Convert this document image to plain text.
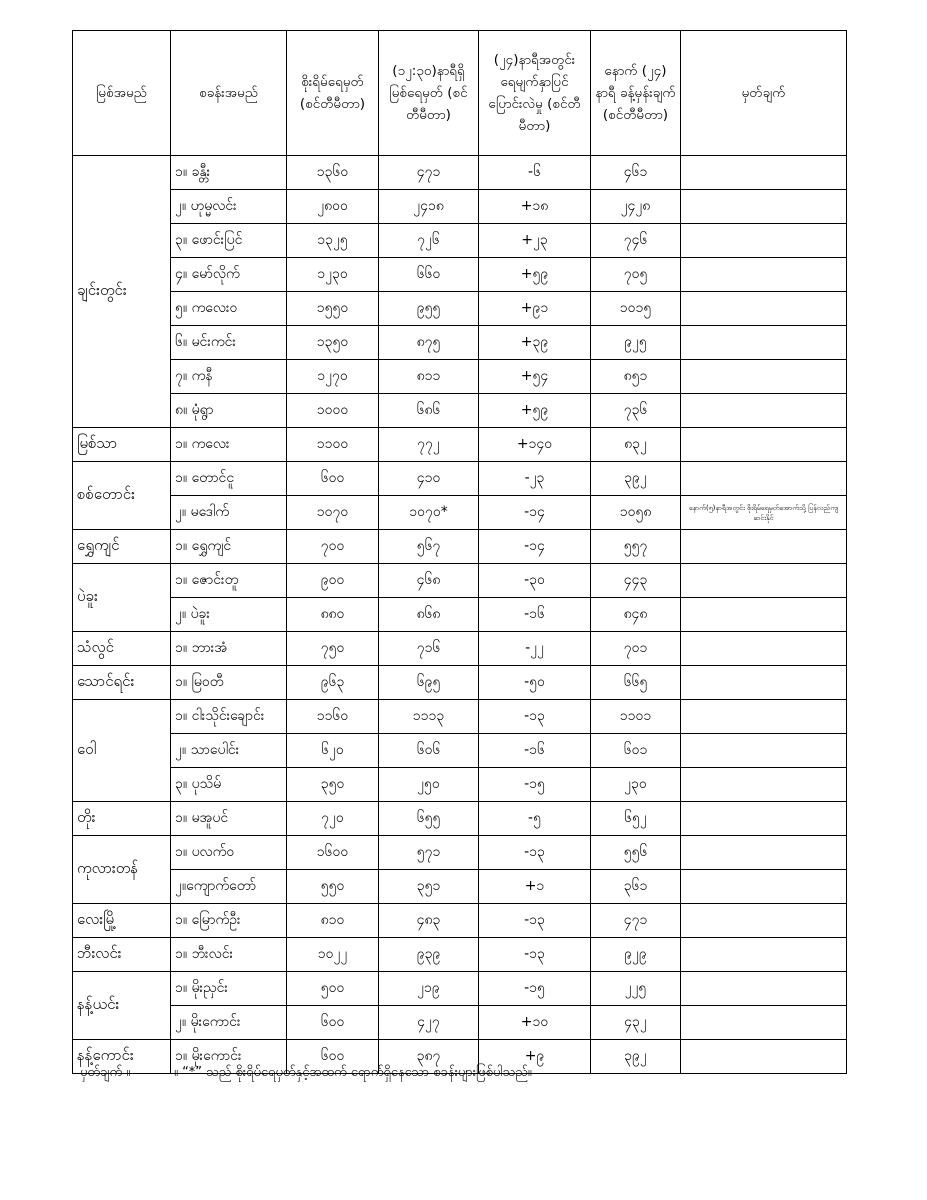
မြစ်အမည်	စခန်းအမည်	စိုးရိမ်ရေမှတ် (စင်တီမီတာ)	(၁၂:၃၀)နာရီရှိ မြစ်ရေမှတ် (စင်တီမီတာ)	(၂၄)နာရီအတွင်း ရေမျက်နှာပြင် ပြောင်းလဲမှု (စင်တီမီတာ)	နောက် (၂၄) နာရီ ခန့်မှန်းချက် (စင်တီမီတာ)	မှတ်ချက်
ချင်းတွင်း	၁။ ခန္တီး	၁၃၆၀	၄၇၁	-၆	၄၆၁	
	၂။ ဟုမ္မလင်း	၂၈၀၀	၂၄၁၈	+၁၈	၂၄၂၈	
	၃။ ဖောင်းပြင်	၁၃၂၅	၇၂၆	+၂၃	၇၄၆	
	၄။ မော်လိုက်	၁၂၃၀	၆၆၀	+၅၉	၇၀၅	
	၅။ ကလေးဝ	၁၅၅၀	၉၅၅	+၉၁	၁၀၁၅	
	၆။ မင်းကင်း	၁၃၅၀	၈၇၅	+၃၉	၉၂၅	
	၇။ ကနီ	၁၂၇၀	၈၁၁	+၅၄	၈၅၁	
	၈။ မုံရွာ	၁၀၀၀	၆၈၆	+၅၉	၇၃၆	
မြစ်သာ	၁။ ကလေး	၁၁၀၀	၇၇၂	+၁၄၀	၈၃၂	
စစ်တောင်း	၁။ တောင်ငူ	၆၀၀	၄၁၀	-၂၃	၃၉၂	
	၂။ မဒေါက်	၁၀၇၀	၁၀၇၀*	-၁၄	၁၀၅၈	နောက်(၅)နာရီအတွင်း စိုးရိမ်ရေမှတ်အောက်သို့ ပြန်လည်ကျဆင်းနိုင်
ရွှေကျင်	၁။ ရွှေကျင်	၇၀၀	၅၆၇	-၁၄	၅၅၇	
ပဲခူး	၁။ ဇောင်းတူ	၉၀၀	၄၆၈	-၃၀	၄၄၃	
	၂။ ပဲခူး	၈၈၀	၈၆၈	-၁၆	၈၄၈	
သံလွင်	၁။ ဘားအံ	၇၅၀	၇၁၆	-၂၂	၇၀၁	
သောင်ရင်း	၁။ မြဝတီ	၉၆၃	၆၉၅	-၅၀	၆၆၅	
ဝေါ	၁။ ငါးသိုင်းချောင်း	၁၁၆၀	၁၁၁၃	-၁၃	၁၁၀၁	
	၂။ သာပေါင်း	၆၂၀	၆၀၆	-၁၆	၆၀၁	
	၃။ ပုသိမ်	၃၅၀	၂၅၀	-၁၅	၂၃၀	
တိုး	၁။ မအူပင်	၇၂၀	၆၅၅	-၅	၆၅၂	
ကုလားတန်	၁။ ပလက်ဝ	၁၆၀၀	၅၇၁	-၁၃	၅၅၆	
	၂။ကျောက်တော်	၅၅၀	၃၅၁	+၁	၃၆၁	
လေးမြို့	၁။ မြောက်ဦး	၈၁၀	၄၈၃	-၁၃	၄၇၁	
ဘီးလင်း	၁။ ဘီးလင်း	၁၀၂၂	၉၃၉	-၁၃	၉၂၉	
နန့်ယင်း	၁။ မိုးညှင်း	၅၀၀	၂၁၉	-၁၅	၂၂၅	
	၂။ မိုးကောင်း	၆၀၀	၄၂၇	+၁၀	၄၃၂	
နန့်ကောင်း	၁။ မိုးကောင်း	၆၀၀	၃၈၇	+၉	၃၉၂	
မှတ်ချက် ။	။ “*” သည် စိုးရိမ်ရေမှတ်နှင့်အထက် ရောက်ရှိနေသော စခန်းများဖြစ်ပါသည်။
